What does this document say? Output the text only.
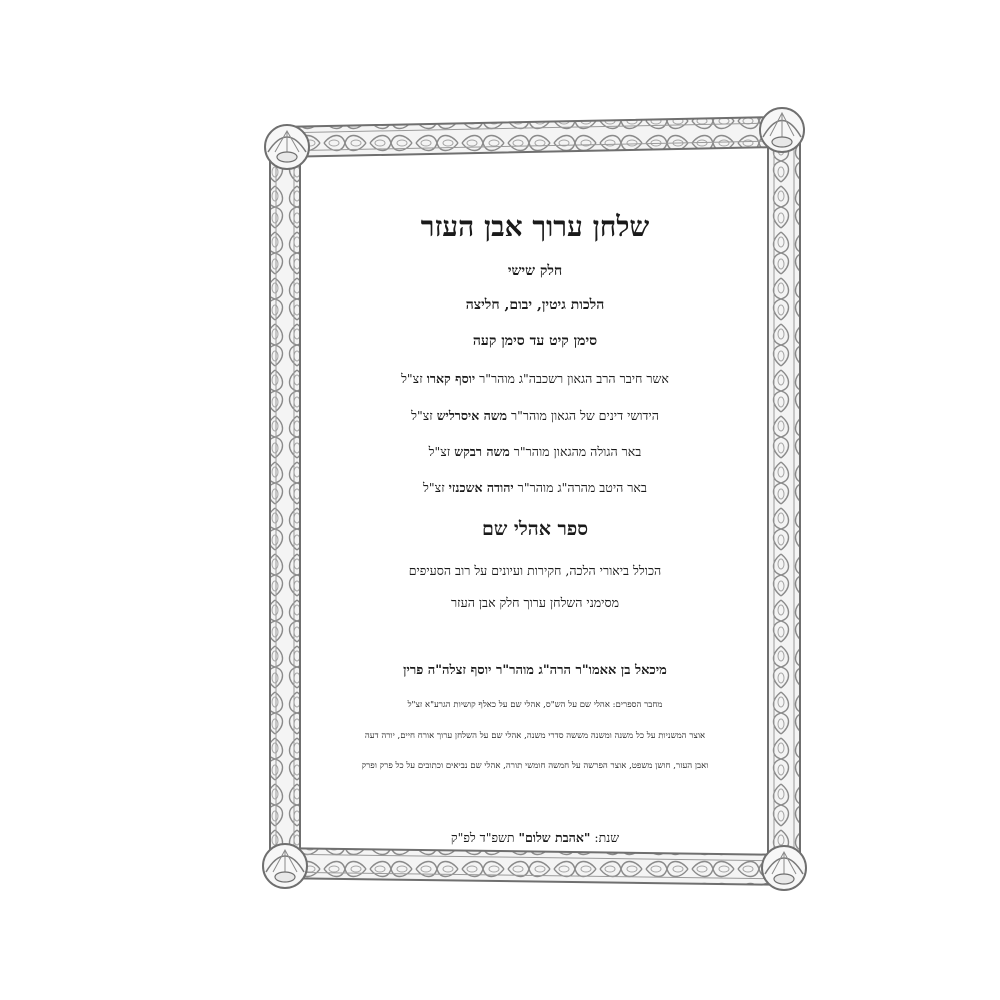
שלחן ערוך אבן העזר
חלק שישי
הלכות גיטין, יבום, חליצה
סימן קיט עד סימן קעה
אשר חיבר הרב הגאון רשכבה"ג מוהר"ר יוסף קארו זצ"ל
הידושי דינים של הגאון מוהר"ר משה איסרליש זצ"ל
באר הגולה מהגאון מוהר"ר משה רבקש זצ"ל
באר היטב מהרה"ג מוהר"ר יהודה אשכנזי זצ"ל
ספר אהלי שם
הכולל ביאורי הלכה, חקירות ועיונים על רוב הסעיפים
מסימני השלחן ערוך חלק אבן העזר
מיכאל בן אאמו"ר הרה"ג מוהר"ר יוסף זצלה"ה פרין
מחבר הספרים: אהלי שם על הש"ס, אהלי שם על כאלף קושיות הגרע"א זצ"ל
אוצר המשניות על כל משנה ומשנה מששה סדרי משנה, אהלי שם על השלחן ערוך אורח חיים, יורה דעה
ואבן העזר, חושן משפט, אוצר הפרשה על חמשה חומשי תורה, אהלי שם נביאים וכתובים על כל פרק ופרק
שנת: "אהבת שלום" תשפ"ד לפ"ק
